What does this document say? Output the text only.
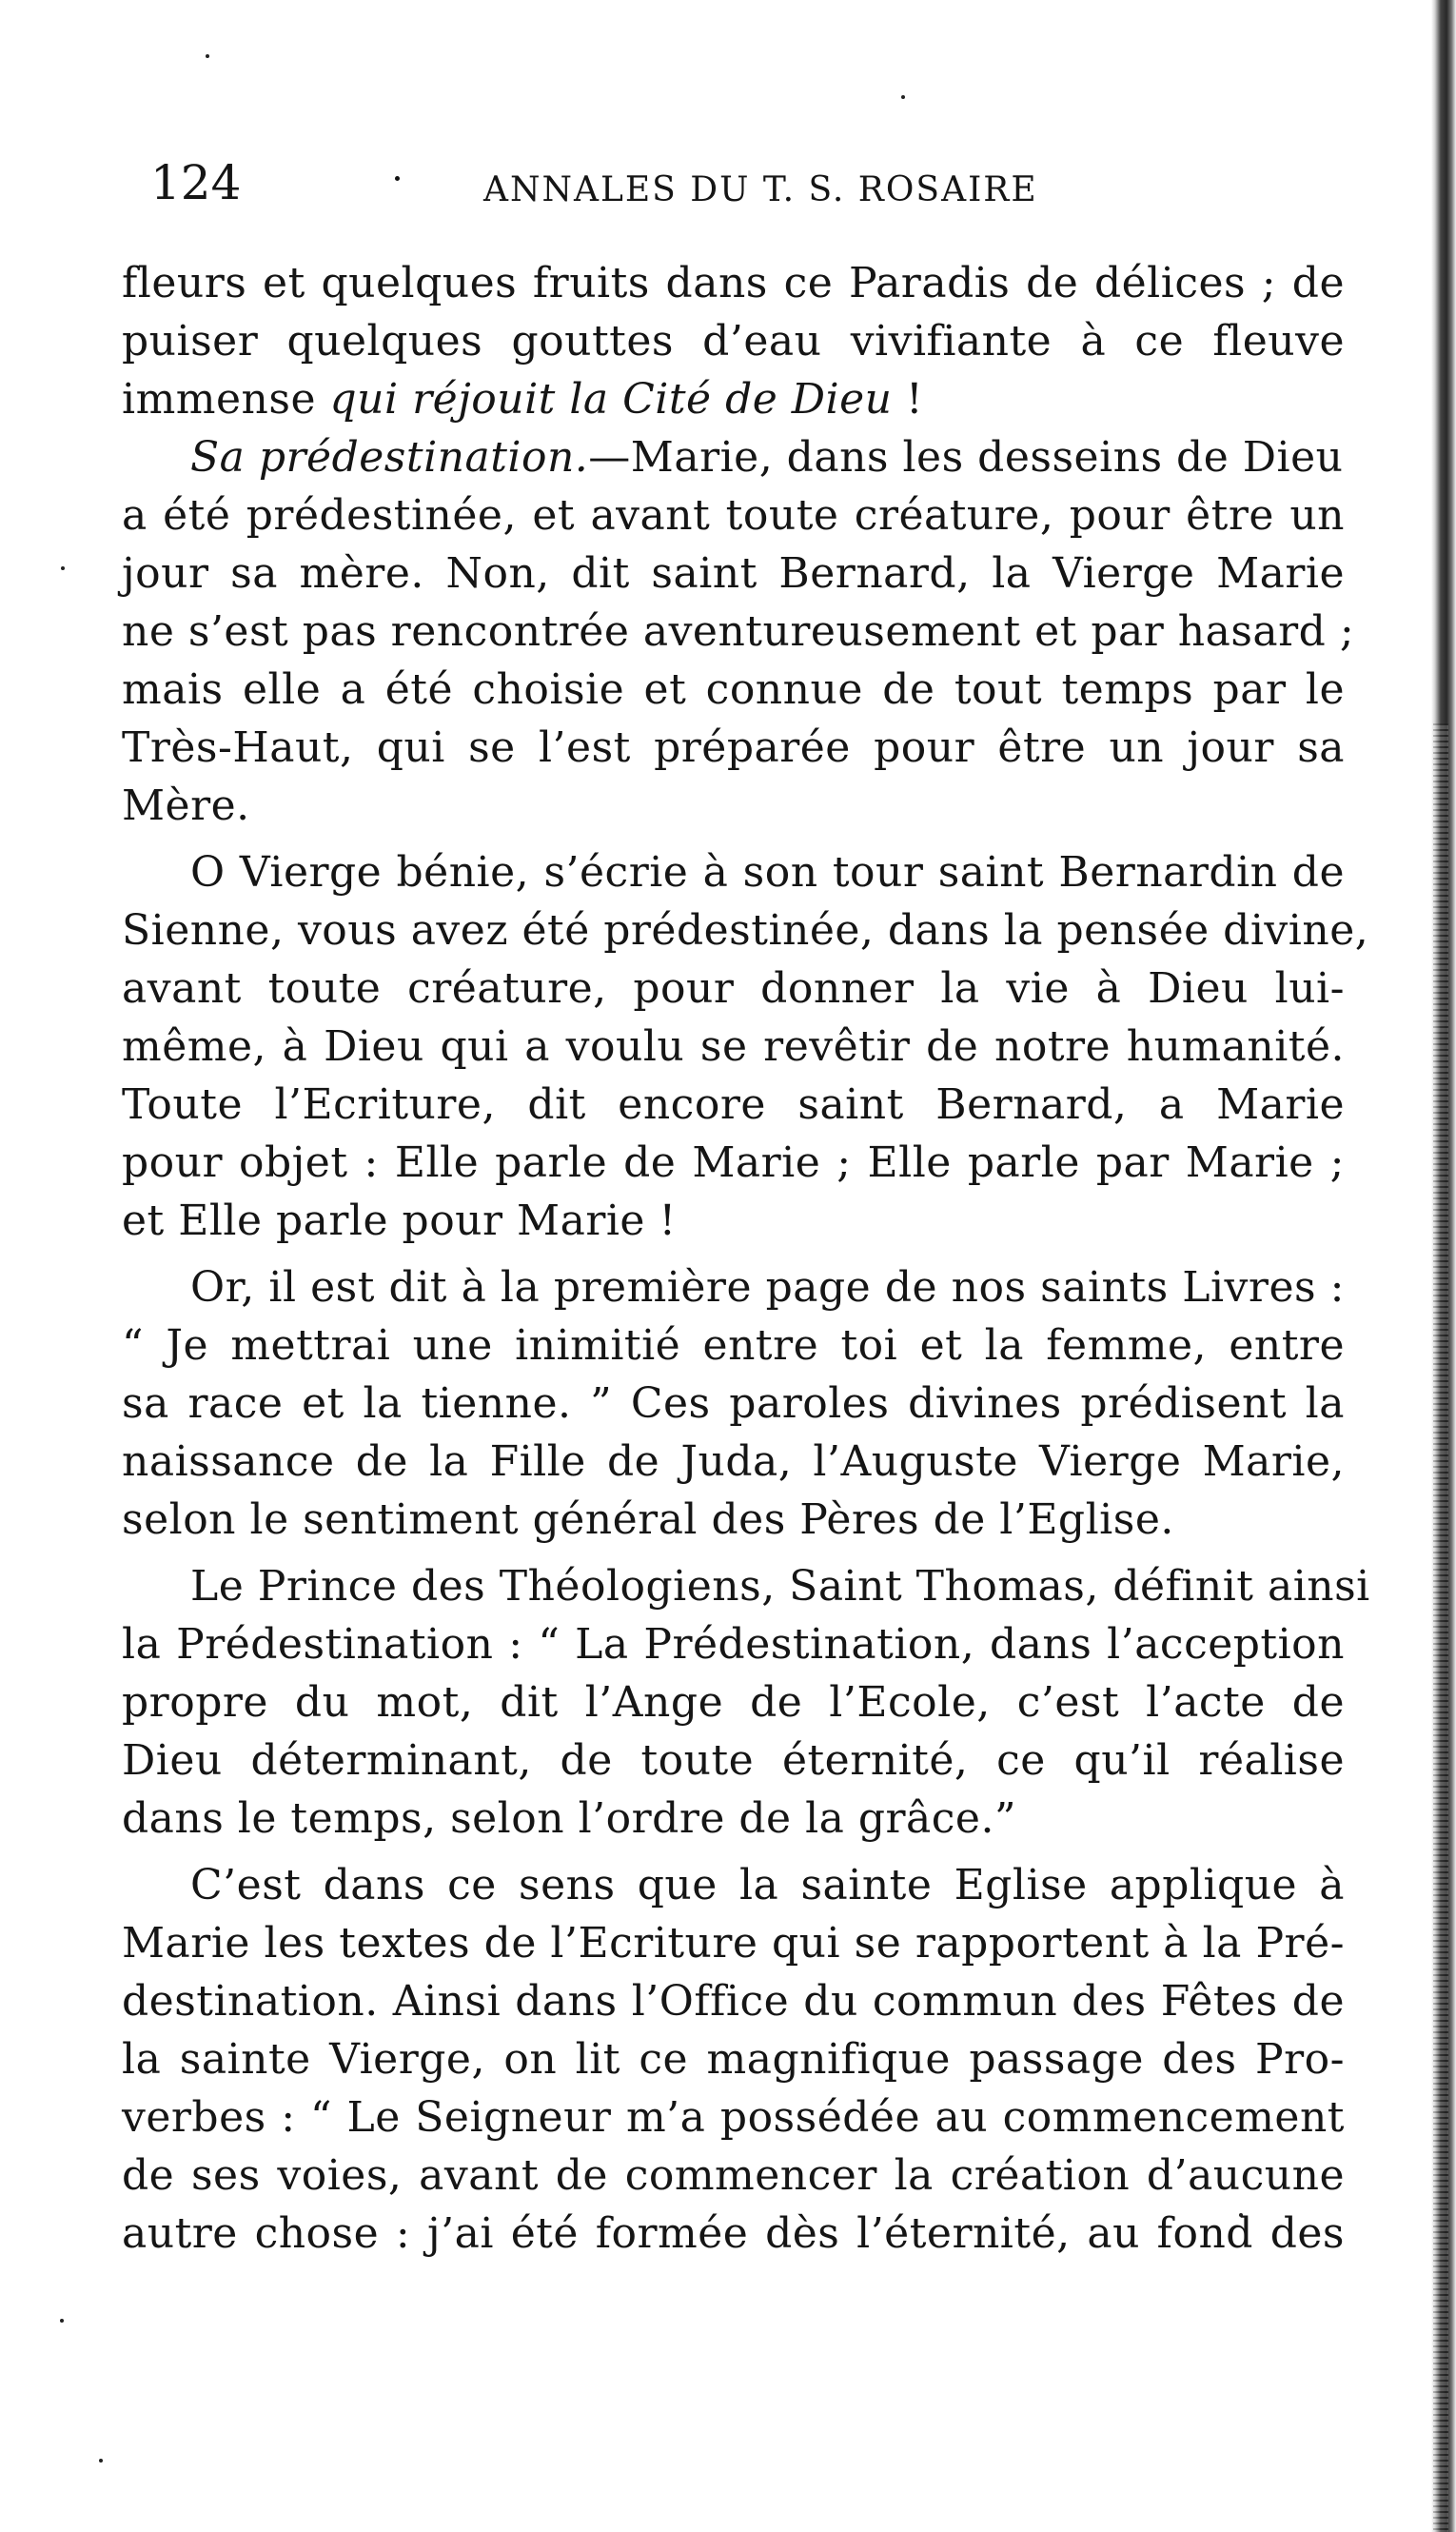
124	ANNALES DU T. S. ROSAIRE
fleurs et quelques fruits dans ce Paradis de délices ; de
puiser quelques gouttes d’eau vivifiante à ce fleuve
immense qui réjouit la Cité de Dieu !
Sa prédestination.—Marie, dans les desseins de Dieu
a été prédestinée, et avant toute créature, pour être un
jour sa mère. Non, dit saint Bernard, la Vierge Marie
ne s’est pas rencontrée aventureusement et par hasard ;
mais elle a été choisie et connue de tout temps par le
Très-Haut, qui se l’est préparée pour être un jour sa
Mère.
O Vierge bénie, s’écrie à son tour saint Bernardin de
Sienne, vous avez été prédestinée, dans la pensée divine,
avant toute créature, pour donner la vie à Dieu lui-
même, à Dieu qui a voulu se revêtir de notre humanité.
Toute l’Ecriture, dit encore saint Bernard, a Marie
pour objet : Elle parle de Marie ; Elle parle par Marie ;
et Elle parle pour Marie !
Or, il est dit à la première page de nos saints Livres :
“ Je mettrai une inimitié entre toi et la femme, entre
sa race et la tienne. ” Ces paroles divines prédisent la
naissance de la Fille de Juda, l’Auguste Vierge Marie,
selon le sentiment général des Pères de l’Eglise.
Le Prince des Théologiens, Saint Thomas, définit ainsi
la Prédestination : “ La Prédestination, dans l’acception
propre du mot, dit l’Ange de l’Ecole, c’est l’acte de
Dieu déterminant, de toute éternité, ce qu’il réalise
dans le temps, selon l’ordre de la grâce.”
C’est dans ce sens que la sainte Eglise applique à
Marie les textes de l’Ecriture qui se rapportent à la Pré-
destination. Ainsi dans l’Office du commun des Fêtes de
la sainte Vierge, on lit ce magnifique passage des Pro-
verbes : “ Le Seigneur m’a possédée au commencement
de ses voies, avant de commencer la création d’aucune
autre chose : j’ai été formée dès l’éternité, au fond des
